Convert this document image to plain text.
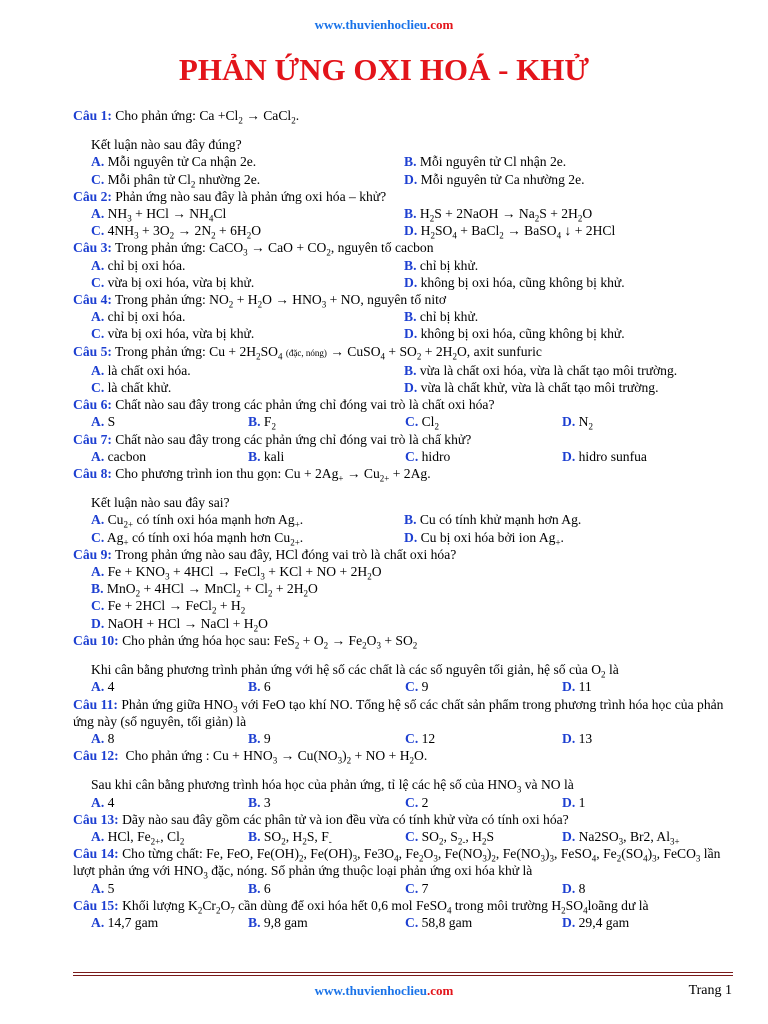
www.thuvienhoclieu.com
PHẢN ỨNG OXI HOÁ - KHỬ
Câu 1: Cho phản ứng: $Ca +Cl_2$ → CaCl$_2$.
Kết luận nào sau đây đúng?
A. Mỗi nguyên tử Ca nhận 2e.	B. Mỗi nguyên tử Cl nhận 2e.
C. Mỗi phân tử $Cl_2$ nhường 2e.	D. Mỗi nguyên tử Ca nhường 2e.
Câu 2: Phản ứng nào sau đây là phản ứng oxi hóa – khử?
A. $NH_3$ + HCl → $NH_4Cl$	B. $H_2S$ + 2NaOH → $Na_2S + 2H_2O$
C. $4NH_3 + 3O_2 \to 2N_2 + 6H_2O$	D. $H_2SO_4$ + BaCl$_2$ → BaSO$_4$ ↓ + 2HCl
Câu 3: Trong phản ứng: CaCO$_3$ → CaO + $CO_2$, nguyên tố cacbon
A. chỉ bị oxi hóa.	B. chỉ bị khử.
C. vừa bị oxi hóa, vừa bị khử.	D. không bị oxi hóa, cũng không bị khử.
Câu 4: Trong phản ứng: $NO_2 + H_2O \to HNO_3$ + NO, nguyên tố nitơ
A. chỉ bị oxi hóa.	B. chỉ bị khử.
C. vừa bị oxi hóa, vừa bị khử.	D. không bị oxi hóa, cũng không bị khử.
Câu 5: Trong phản ứng: $Cu + 2H_2SO_4$ (đặc, nóng) → CuSO$_4$ + $SO_2 + 2H_2O$, axit sunfuric
A. là chất oxi hóa.	B. vừa là chất oxi hóa, vừa là chất tạo môi trường.
C. là chất khử.	D. vừa là chất khử, vừa là chất tạo môi trường.
Câu 6: Chất nào sau đây trong các phản ứng chỉ đóng vai trò là chất oxi hóa?
A. S	B. $F_2$	C. $Cl_2$	D. $N_2$
Câu 7: Chất nào sau đây trong các phản ứng chỉ đóng vai trò là chấ khử?
A. cacbon	B. kali	C. hidro	D. hidro sunfua
Câu 8: Cho phương trình ion thu gọn: $Cu + 2Ag_+ \to Cu_{2+} + 2Ag$.
Kết luận nào sau đây sai?
A. $Cu_{2+}$ có tính oxi hóa mạnh hơn $Ag_+$.	B. Cu có tính khử mạnh hơn Ag.
C. $Ag_+$ có tính oxi hóa mạnh hơn $Cu_{2+}$.	D. Cu bị oxi hóa bởi ion $Ag_+$.
Câu 9: Trong phản ứng nào sau đây, HCl đóng vai trò là chất oxi hóa?
A. $Fe + KNO_3 + 4HCl$ → FeCl$_3$ + KCl + NO + $2H_2O$
B. MnO$_2$ + 4HCl → MnCl$_2$ + $Cl_2 + 2H_2O$
C. Fe + 2HCl → FeCl$_2$ + $H_2$
D. NaOH + HCl → NaCl + $H_2O$
Câu 10: Cho phản ứng hóa học sau: $FeS_2 + O_2 \to Fe_2O_3 + SO_2$
Khi cân bằng phương trình phản ứng với hệ số các chất là các số nguyên tối giản, hệ số của $O_2$ là
A. 4	B. 6	C. 9	D. 11
Câu 11: Phản ứng giữa $HNO_3$ với FeO tạo khí NO. Tổng hệ số các chất sản phẩm trong phương trình hóa học của phản ứng này (số nguyên, tối giản) là
A. 8	B. 9	C. 12	D. 13
Câu 12:  Cho phản ứng : $Cu + HNO_3 \to Cu(NO_3)_2$ + NO + $H_2O$.
Sau khi cân bằng phương trình hóa học của phản ứng, tỉ lệ các hệ số của $HNO_3$ và NO là
A. 4	B. 3	C. 2	D. 1
Câu 13: Dãy nào sau đây gồm các phân tử và ion đều vừa có tính khử vừa có tính oxi hóa?
A. HCl, $Fe_{2+}$, $Cl_2$	B. $SO_2$, $H_2S$, $F_-$	C. $SO_2$, $S_{2-}$, $H_2S$	D. $Na2SO_3$, Br2, $Al_{3+}$
Câu 14: Cho từng chất: Fe, FeO, $Fe(OH)_2$, $Fe(OH)_3$, $Fe3O_4$, $Fe_2O_3$, $Fe(NO_3)_2$, $Fe(NO_3)_3$, FeSO$_4$, $Fe_2(SO_4)_3$, FeCO$_3$ lần lượt phản ứng với $HNO_3$ đặc, nóng. Số phản ứng thuộc loại phản ứng oxi hóa khử là
A. 5	B. 6	C. 7	D. 8
Câu 15: Khối lượng $K_2Cr_2O_7$ cần dùng để oxi hóa hết 0,6 mol FeSO$_4$ trong môi trường $H_2SO_4loãng$ dư là
A. 14,7 gam	B. 9,8 gam	C. 58,8 gam	D. 29,4 gam
www.thuvienhoclieu.com	Trang 1
